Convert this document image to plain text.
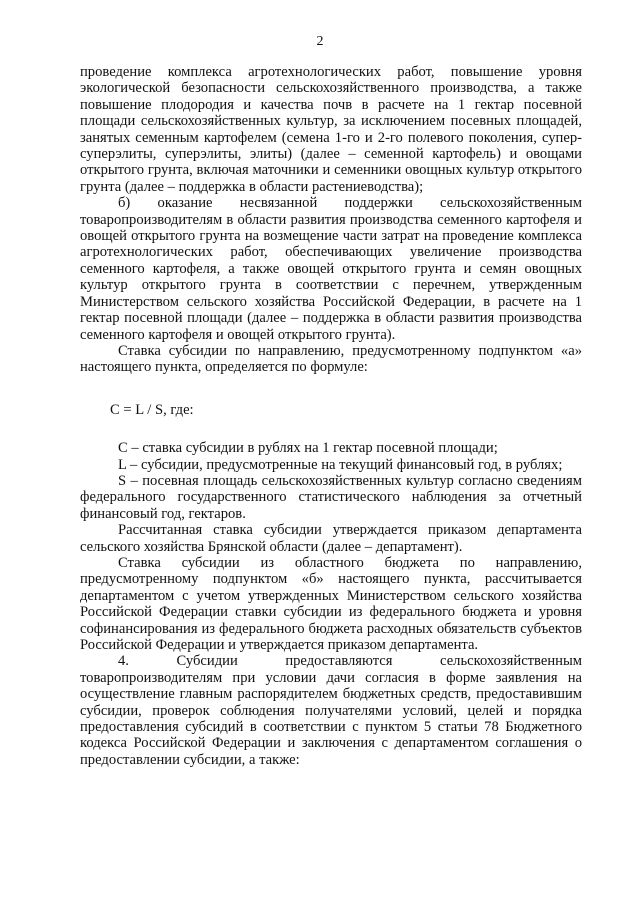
2

проведение комплекса агротехнологических работ, повышение уровня экологической безопасности сельскохозяйственного производства, а также повышение плодородия и качества почв в расчете на 1 гектар посевной площади сельскохозяйственных культур, за исключением посевных площадей, занятых семенным картофелем (семена 1-го и 2-го полевого поколения, супер-суперэлиты, суперэлиты, элиты) (далее – семенной картофель) и овощами открытого грунта, включая маточники и семенники овощных культур открытого грунта (далее – поддержка в области растениеводства);

б) оказание несвязанной поддержки сельскохозяйственным товаропроизводителям в области развития производства семенного картофеля и овощей открытого грунта на возмещение части затрат на проведение комплекса агротехнологических работ, обеспечивающих увеличение производства семенного картофеля, а также овощей открытого грунта и семян овощных культур открытого грунта в соответствии с перечнем, утвержденным Министерством сельского хозяйства Российской Федерации, в расчете на 1 гектар посевной площади (далее – поддержка в области развития производства семенного картофеля и овощей открытого грунта).

Ставка субсидии по направлению, предусмотренному подпунктом «а» настоящего пункта, определяется по формуле:

C = L / S, где:

C – ставка субсидии в рублях на 1 гектар посевной площади;

L – субсидии, предусмотренные на текущий финансовый год, в рублях;

S – посевная площадь сельскохозяйственных культур согласно сведениям федерального государственного статистического наблюдения за отчетный финансовый год, гектаров.

Рассчитанная ставка субсидии утверждается приказом департамента сельского хозяйства Брянской области (далее – департамент).

Ставка субсидии из областного бюджета по направлению, предусмотренному подпунктом «б» настоящего пункта, рассчитывается департаментом с учетом утвержденных Министерством сельского хозяйства Российской Федерации ставки субсидии из федерального бюджета и уровня софинансирования из федерального бюджета расходных обязательств субъектов Российской Федерации и утверждается приказом департамента.

4. Субсидии предоставляются сельскохозяйственным товаропроизводителям при условии дачи согласия в форме заявления на осуществление главным распорядителем бюджетных средств, предоставившим субсидии, проверок соблюдения получателями условий, целей и порядка предоставления субсидий в соответствии с пунктом 5 статьи 78 Бюджетного кодекса Российской Федерации и заключения с департаментом соглашения о предоставлении субсидии, а также:
